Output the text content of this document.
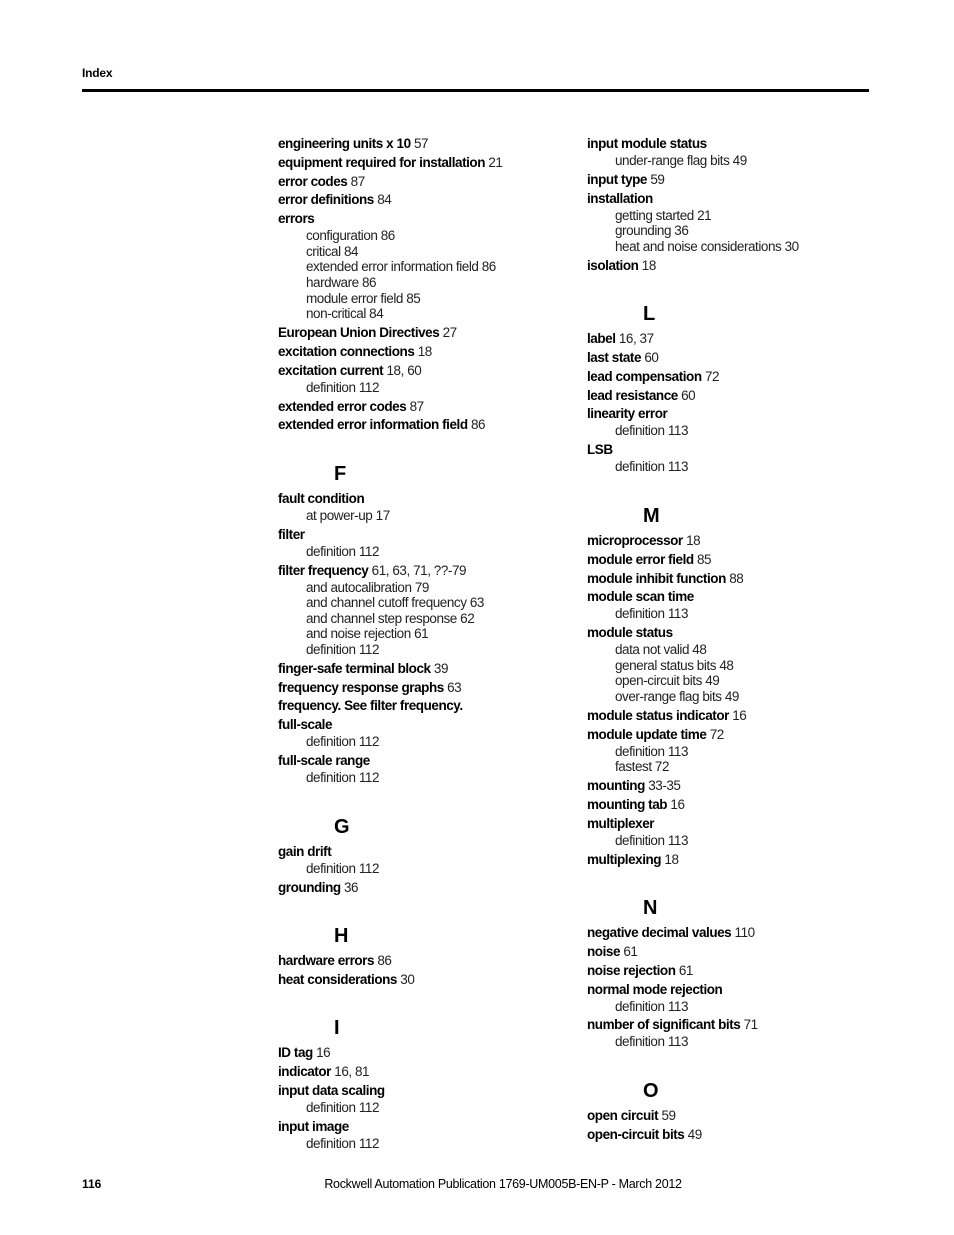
Index
engineering units x 10 57
equipment required for installation 21
error codes 87
error definitions 84
errors
configuration 86
critical 84
extended error information field 86
hardware 86
module error field 85
non-critical 84
European Union Directives 27
excitation connections 18
excitation current 18, 60
definition 112
extended error codes 87
extended error information field 86
F
fault condition
at power-up 17
filter
definition 112
filter frequency 61, 63, 71, ??-79
and autocalibration 79
and channel cutoff frequency 63
and channel step response 62
and noise rejection 61
definition 112
finger-safe terminal block 39
frequency response graphs 63
frequency. See filter frequency.
full-scale
definition 112
full-scale range
definition 112
G
gain drift
definition 112
grounding 36
H
hardware errors 86
heat considerations 30
I
ID tag 16
indicator 16, 81
input data scaling
definition 112
input image
definition 112
input module status
under-range flag bits 49
input type 59
installation
getting started 21
grounding 36
heat and noise considerations 30
isolation 18
L
label 16, 37
last state 60
lead compensation 72
lead resistance 60
linearity error
definition 113
LSB
definition 113
M
microprocessor 18
module error field 85
module inhibit function 88
module scan time
definition 113
module status
data not valid 48
general status bits 48
open-circuit bits 49
over-range flag bits 49
module status indicator 16
module update time 72
definition 113
fastest 72
mounting 33-35
mounting tab 16
multiplexer
definition 113
multiplexing 18
N
negative decimal values 110
noise 61
noise rejection 61
normal mode rejection
definition 113
number of significant bits 71
definition 113
O
open circuit 59
open-circuit bits 49
116	Rockwell Automation Publication 1769-UM005B-EN-P - March 2012
